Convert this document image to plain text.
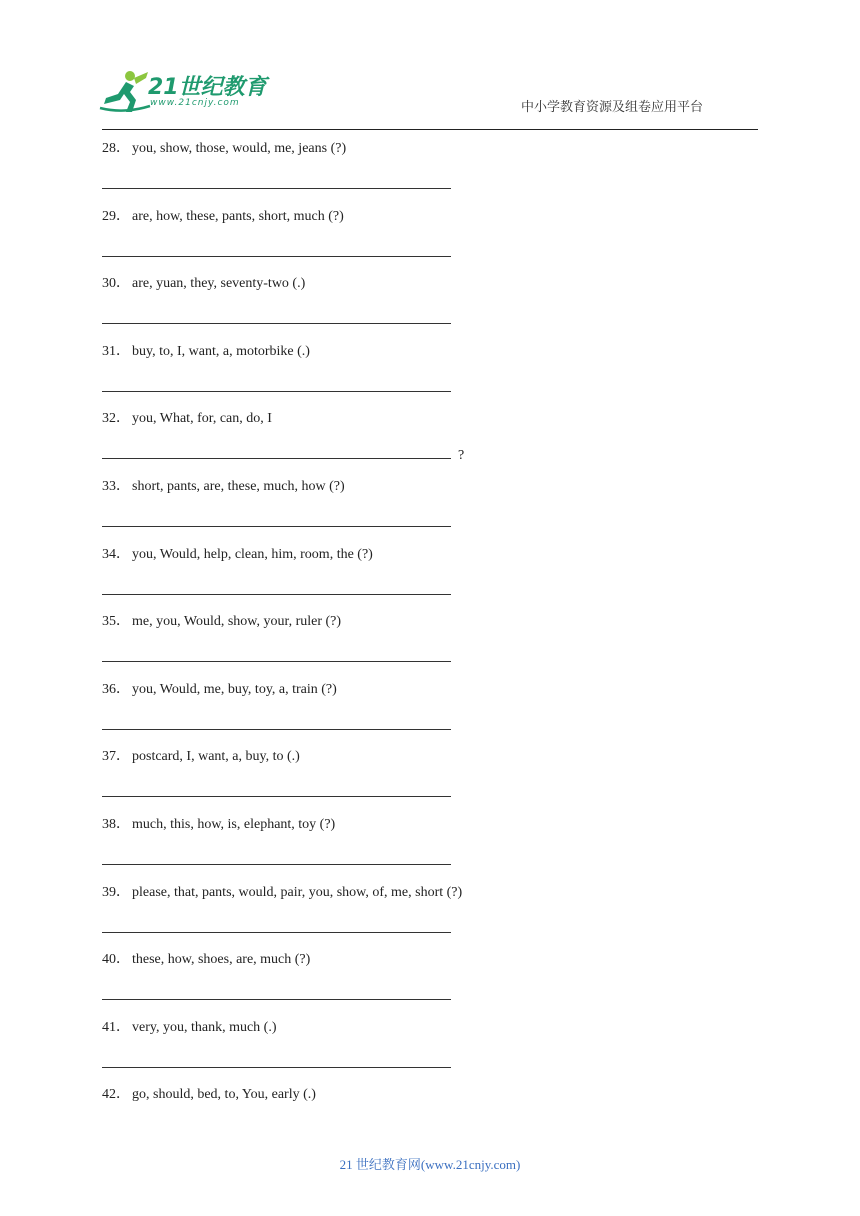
21世纪教育
www.21cnjy.com	中小学教育资源及组卷应用平台
28． you, show, those, would, me, jeans (?)
29． are, how, these, pants, short, much (?)
30． are, yuan, they, seventy-two (.)
31． buy, to, I, want, a, motorbike (.)
32． you, What, for, can, do, I
?
33． short, pants, are, these, much, how (?)
34． you, Would, help, clean, him, room, the (?)
35． me, you, Would, show, your, ruler (?)
36． you, Would, me, buy, toy, a, train (?)
37． postcard, I, want, a, buy, to (.)
38． much, this, how, is, elephant, toy (?)
39． please, that, pants, would, pair, you, show, of, me, short (?)
40． these, how, shoes, are, much (?)
41． very, you, thank, much (.)
42． go, should, bed, to, You, early (.)
21 世纪教育网(www.21cnjy.com)
